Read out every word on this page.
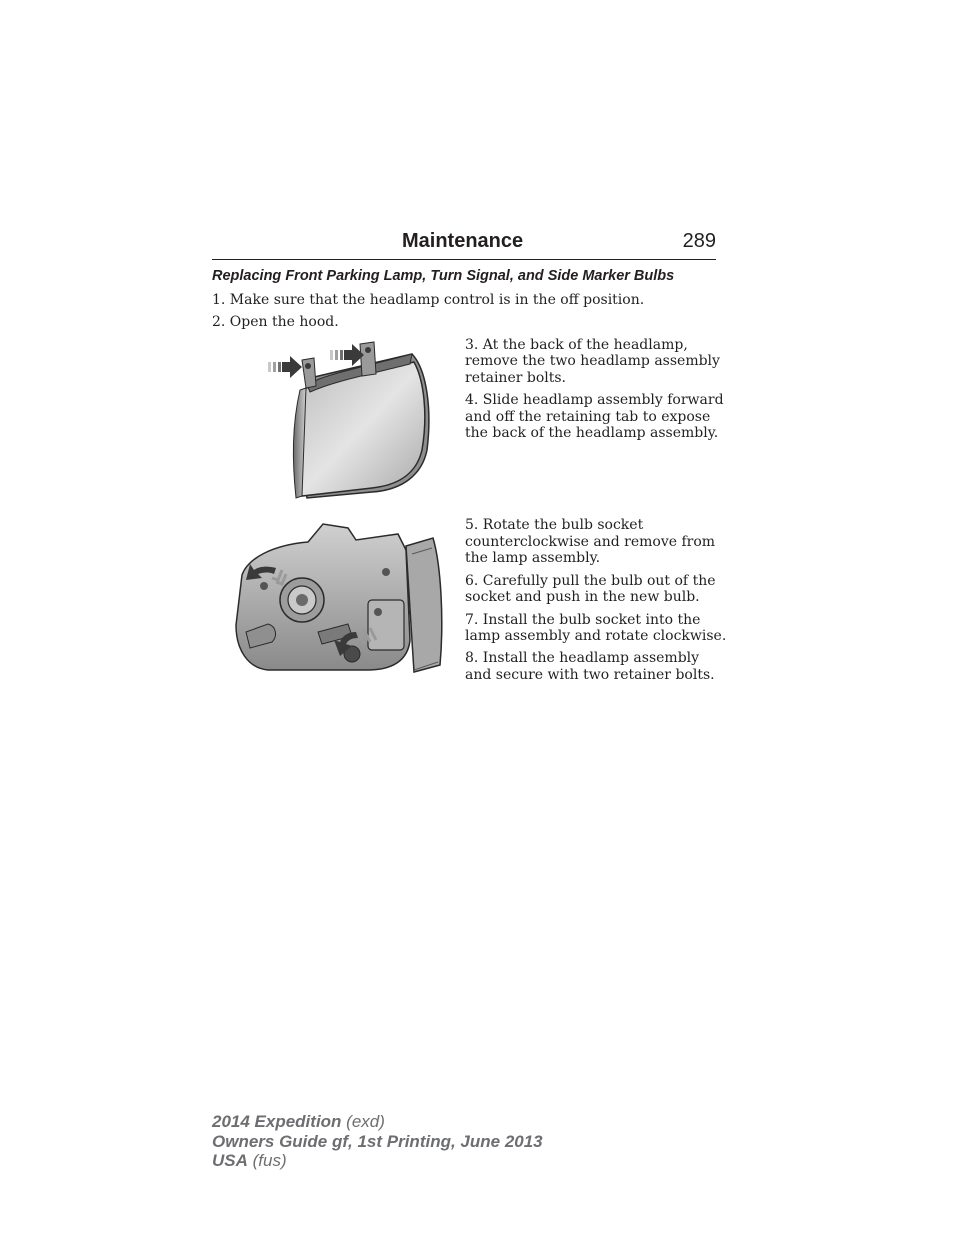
Maintenance	289
Replacing Front Parking Lamp, Turn Signal, and Side Marker Bulbs
1. Make sure that the headlamp control is in the off position.
2. Open the hood.
3. At the back of the headlamp,
remove the two headlamp assembly
retainer bolts.
4. Slide headlamp assembly forward
and off the retaining tab to expose
the back of the headlamp assembly.
5. Rotate the bulb socket
counterclockwise and remove from
the lamp assembly.
6. Carefully pull the bulb out of the
socket and push in the new bulb.
7. Install the bulb socket into the
lamp assembly and rotate clockwise.
8. Install the headlamp assembly
and secure with two retainer bolts.
2014 Expedition (exd)
Owners Guide gf, 1st Printing, June 2013
USA (fus)
